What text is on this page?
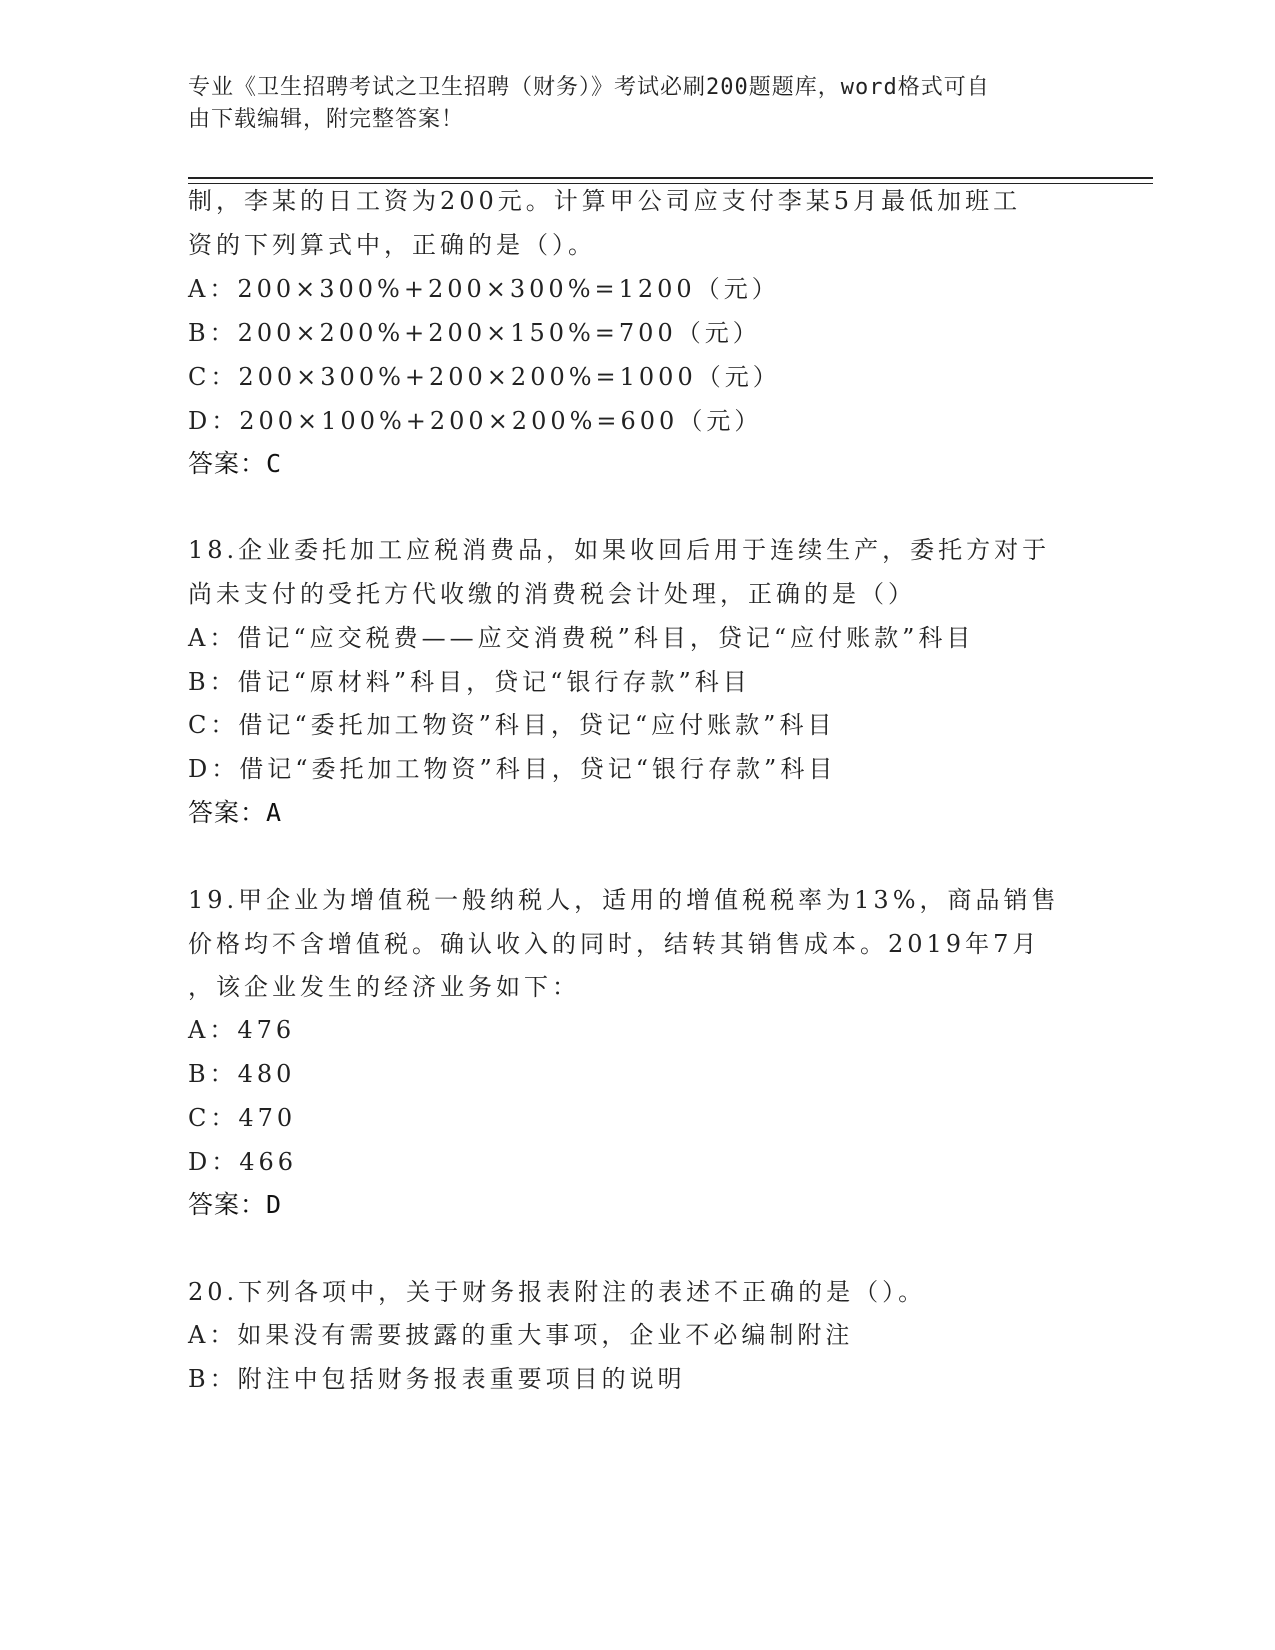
专业《卫生招聘考试之卫生招聘（财务）》考试必刷200题题库，word格式可自
由下载编辑，附完整答案！
制，李某的日工资为200元。计算甲公司应支付李某5月最低加班工
资的下列算式中，正确的是（）。
A：200×300%+200×300%=1200（元）
B：200×200%+200×150%=700（元）
C：200×300%+200×200%=1000（元）
D：200×100%+200×200%=600（元）
答案：C
18.企业委托加工应税消费品，如果收回后用于连续生产，委托方对于
尚未支付的受托方代收缴的消费税会计处理，正确的是（）
A：借记“应交税费——应交消费税”科目，贷记“应付账款”科目
B：借记“原材料”科目，贷记“银行存款”科目
C：借记“委托加工物资”科目，贷记“应付账款”科目
D：借记“委托加工物资”科目，贷记“银行存款”科目
答案：A
19.甲企业为增值税一般纳税人，适用的增值税税率为13%，商品销售
价格均不含增值税。确认收入的同时，结转其销售成本。2019年7月
，该企业发生的经济业务如下：
A：476
B：480
C：470
D：466
答案：D
20.下列各项中，关于财务报表附注的表述不正确的是（）。
A：如果没有需要披露的重大事项，企业不必编制附注
B：附注中包括财务报表重要项目的说明
